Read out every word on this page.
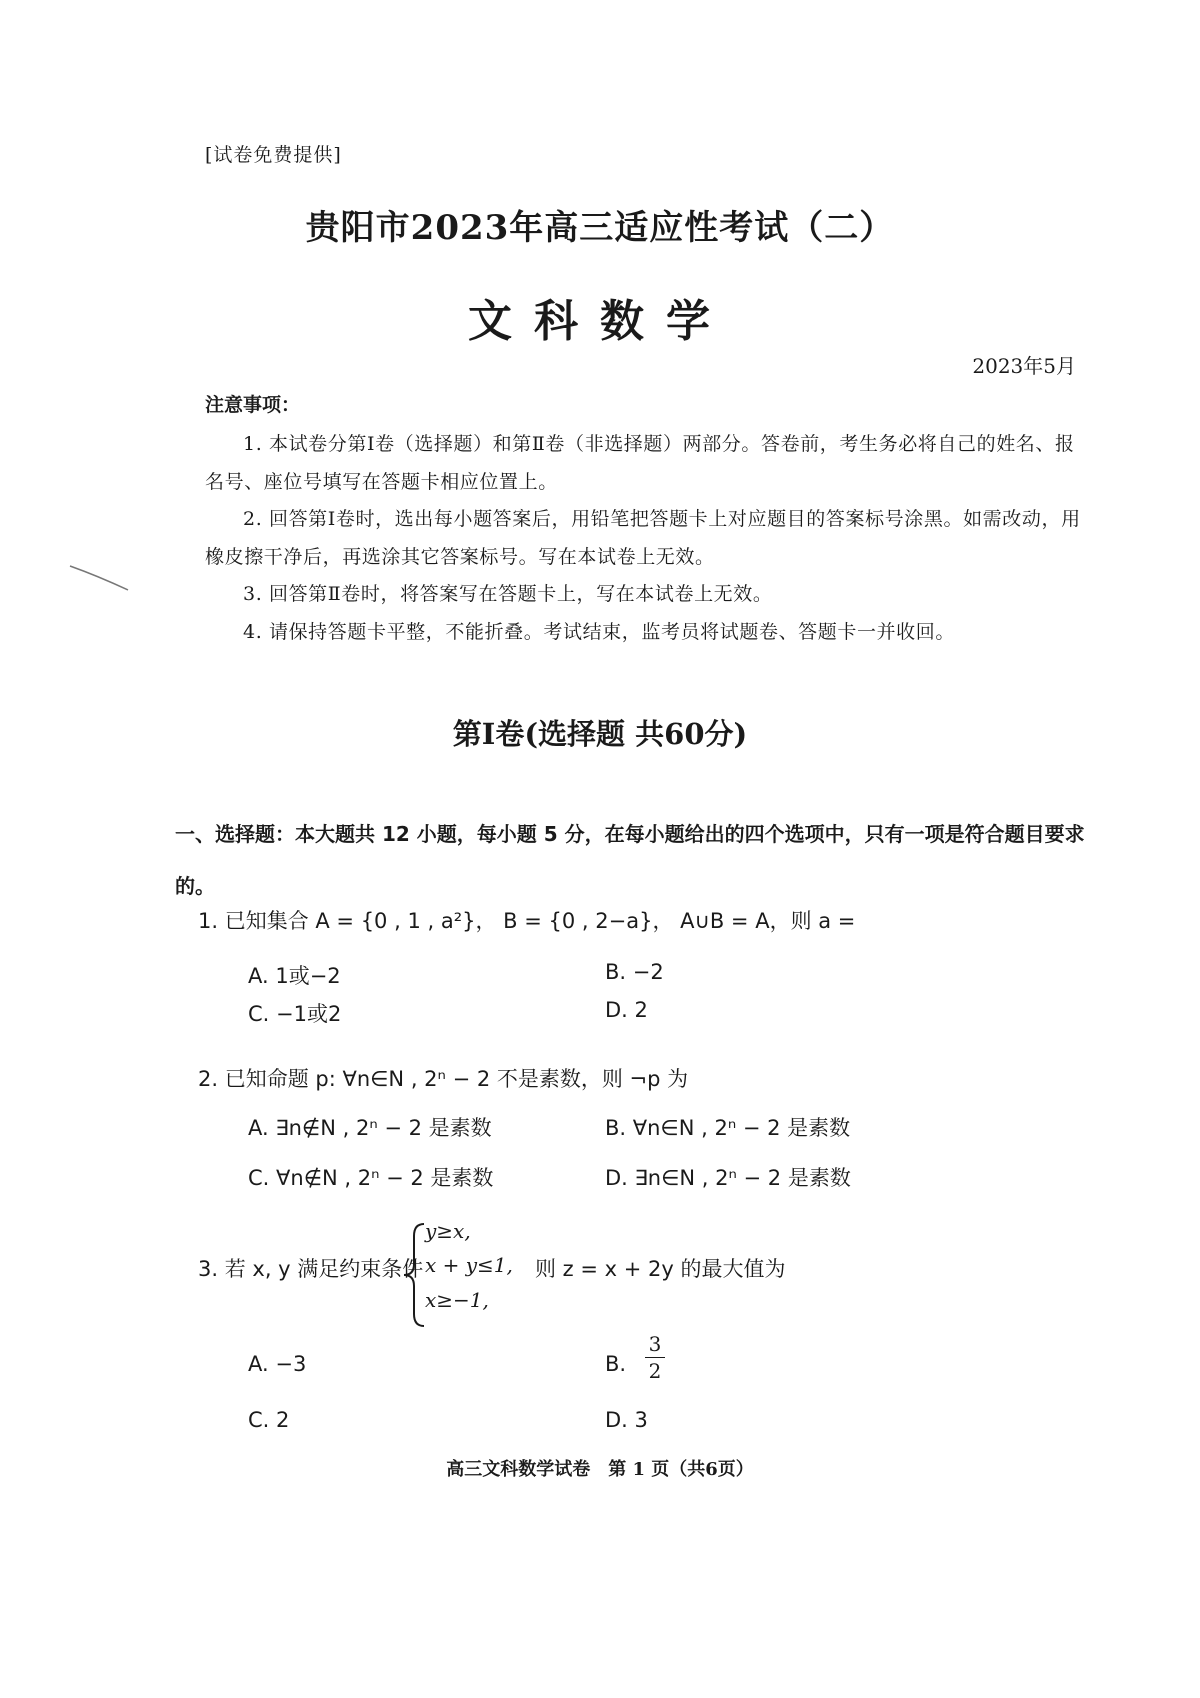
[试卷免费提供]
贵阳市2023年高三适应性考试（二）
文科数学
2023年5月
注意事项：
1. 本试卷分第Ⅰ卷（选择题）和第Ⅱ卷（非选择题）两部分。答卷前，考生务必将自己的姓名、报名号、座位号填写在答题卡相应位置上。
2. 回答第Ⅰ卷时，选出每小题答案后，用铅笔把答题卡上对应题目的答案标号涂黑。如需改动，用橡皮擦干净后，再选涂其它答案标号。写在本试卷上无效。
3. 回答第Ⅱ卷时，将答案写在答题卡上，写在本试卷上无效。
4. 请保持答题卡平整，不能折叠。考试结束，监考员将试题卷、答题卡一并收回。
第Ⅰ卷(选择题 共60分)
一、选择题：本大题共 12 小题，每小题 5 分，在每小题给出的四个选项中，只有一项是符合题目要求的。
1. 已知集合 A = {0 , 1 , a²}， B = {0 , 2−a}， A∪B = A，则 a =
A. 1或−2	B. −2
C. −1或2	D. 2
2. 已知命题 p: ∀n∈N , 2ⁿ − 2 不是素数，则 ¬p 为
A. ∃n∉N , 2ⁿ − 2 是素数	B. ∀n∈N , 2ⁿ − 2 是素数
C. ∀n∉N , 2ⁿ − 2 是素数	D. ∃n∈N , 2ⁿ − 2 是素数
3. 若 x, y 满足约束条件
y≥x,
x + y≤1,
x≥−1,
则 z = x + 2y 的最大值为
A. −3	B.
3
2
C. 2	D. 3
高三文科数学试卷　第 1 页（共6页）
